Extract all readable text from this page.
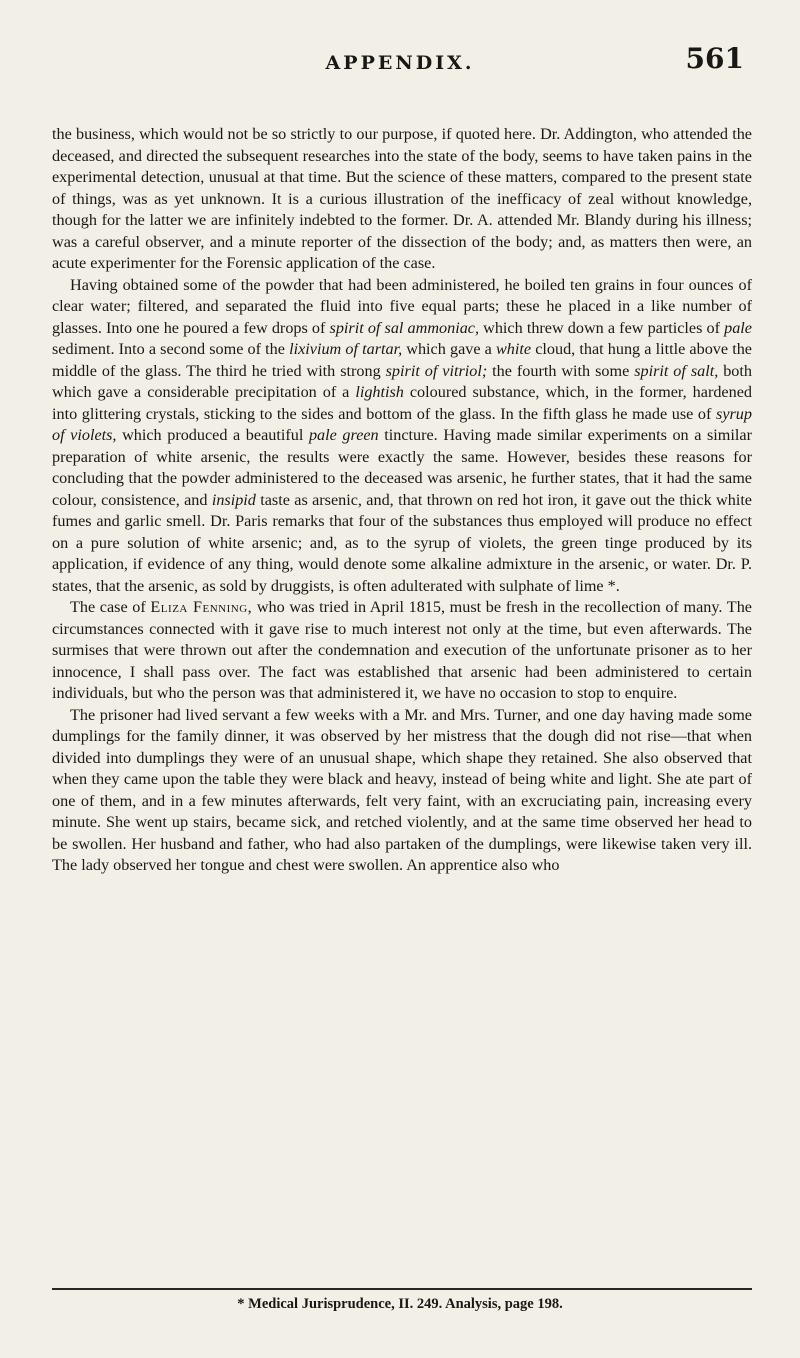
APPENDIX.	561

the business, which would not be so strictly to our purpose, if quoted here. Dr. Addington, who attended the deceased, and directed the subsequent researches into the state of the body, seems to have taken pains in the experimental detection, unusual at that time. But the science of these matters, compared to the present state of things, was as yet unknown. It is a curious illustration of the inefficacy of zeal without knowledge, though for the latter we are infinitely indebted to the former. Dr. A. attended Mr. Blandy during his illness; was a careful observer, and a minute reporter of the dissection of the body; and, as matters then were, an acute experimenter for the Forensic application of the case.

Having obtained some of the powder that had been administered, he boiled ten grains in four ounces of clear water; filtered, and separated the fluid into five equal parts; these he placed in a like number of glasses. Into one he poured a few drops of spirit of sal ammoniac, which threw down a few particles of pale sediment. Into a second some of the lixivium of tartar, which gave a white cloud, that hung a little above the middle of the glass. The third he tried with strong spirit of vitriol; the fourth with some spirit of salt, both which gave a considerable precipitation of a lightish coloured substance, which, in the former, hardened into glittering crystals, sticking to the sides and bottom of the glass. In the fifth glass he made use of syrup of violets, which produced a beautiful pale green tincture. Having made similar experiments on a similar preparation of white arsenic, the results were exactly the same. However, besides these reasons for concluding that the powder administered to the deceased was arsenic, he further states, that it had the same colour, consistence, and insipid taste as arsenic, and, that thrown on red hot iron, it gave out the thick white fumes and garlic smell. Dr. Paris remarks that four of the substances thus employed will produce no effect on a pure solution of white arsenic; and, as to the syrup of violets, the green tinge produced by its application, if evidence of any thing, would denote some alkaline admixture in the arsenic, or water. Dr. P. states, that the arsenic, as sold by druggists, is often adulterated with sulphate of lime *.

The case of Eliza Fenning, who was tried in April 1815, must be fresh in the recollection of many. The circumstances connected with it gave rise to much interest not only at the time, but even afterwards. The surmises that were thrown out after the condemnation and execution of the unfortunate prisoner as to her innocence, I shall pass over. The fact was established that arsenic had been administered to certain individuals, but who the person was that administered it, we have no occasion to stop to enquire.

The prisoner had lived servant a few weeks with a Mr. and Mrs. Turner, and one day having made some dumplings for the family dinner, it was observed by her mistress that the dough did not rise—that when divided into dumplings they were of an unusual shape, which shape they retained. She also observed that when they came upon the table they were black and heavy, instead of being white and light. She ate part of one of them, and in a few minutes afterwards, felt very faint, with an excruciating pain, increasing every minute. She went up stairs, became sick, and retched violently, and at the same time observed her head to be swollen. Her husband and father, who had also partaken of the dumplings, were likewise taken very ill. The lady observed her tongue and chest were swollen. An apprentice also who

* Medical Jurisprudence, II. 249. Analysis, page 198.
